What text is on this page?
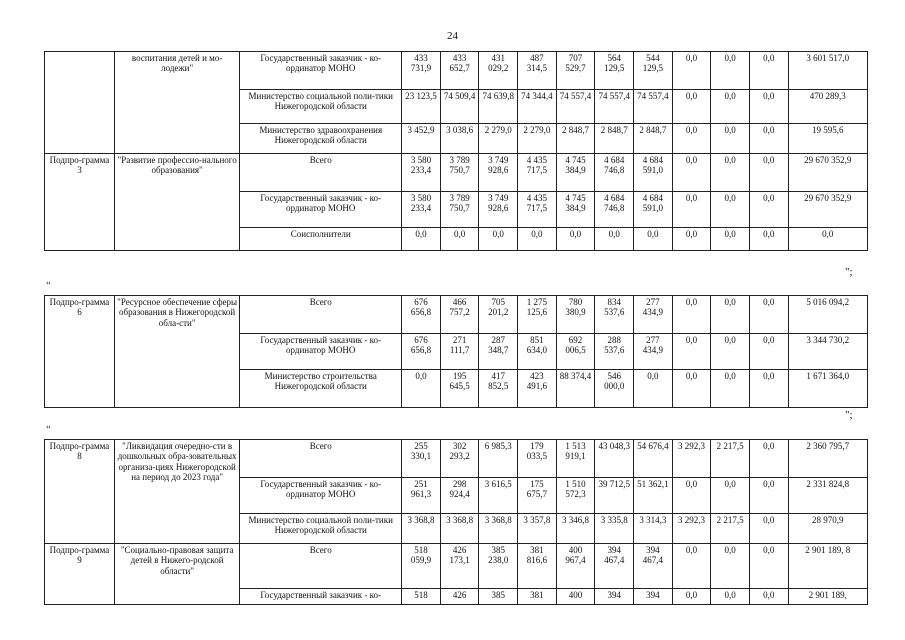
24
	воспитания детей и мо-лодежи"	Государственный заказчик - ко-ординатор МОНО	433 731,9	433 652,7	431 029,2	487 314,5	707 529,7	564 129,5	544 129,5	0,0	0,0	0,0	3 601 517,0
		Министерство социальной поли-тики Нижегородской области	23 123,5	74 509,4	74 639,8	74 344,4	74 557,4	74 557,4	74 557,4	0,0	0,0	0,0	470 289,3
		Министерство здравоохранения Нижегородской области	3 452,9	3 038,6	2 279,0	2 279,0	2 848,7	2 848,7	2 848,7	0,0	0,0	0,0	19 595,6
Подпро-грамма 3	"Развитие профессио-нального образования"	Всего	3 580 233,4	3 789 750,7	3 749 928,6	4 435 717,5	4 745 384,9	4 684 746,8	4 684 591,0	0,0	0,0	0,0	29 670 352,9
		Государственный заказчик - ко-ординатор МОНО	3 580 233,4	3 789 750,7	3 749 928,6	4 435 717,5	4 745 384,9	4 684 746,8	4 684 591,0	0,0	0,0	0,0	29 670 352,9
		Соисполнители	0,0	0,0	0,0	0,0	0,0	0,0	0,0	0,0	0,0	0,0	0,0
";
"
Подпро-грамма 6	"Ресурсное обеспечение сферы образования в Нижегородской обла-сти"	Всего	676 656,8	466 757,2	705 201,2	1 275 125,6	780 380,9	834 537,6	277 434,9	0,0	0,0	0,0	5 016 094,2
		Государственный заказчик - ко-ординатор МОНО	676 656,8	271 111,7	287 348,7	851 634,0	692 006,5	288 537,6	277 434,9	0,0	0,0	0,0	3 344 730,2
		Министерство строительства Нижегородской области	0,0	195 645,5	417 852,5	423 491,6	88 374,4	546 000,0	0,0	0,0	0,0	0,0	1 671 364,0
";
"
Подпро-грамма 8	"Ликвидация очередно-сти в дошкольных обра-зовательных организа-циях Нижегородской на период до 2023 года"	Всего	255 330,1	302 293,2	6 985,3	179 033,5	1 513 919,1	43 048,3	54 676,4	3 292,3	2 217,5	0,0	2 360 795,7
		Государственный заказчик - ко-ординатор МОНО	251 961,3	298 924,4	3 616,5	175 675,7	1 510 572,3	39 712,5	51 362,1	0,0	0,0	0,0	2 331 824,8
		Министерство социальной поли-тики Нижегородской области	3 368,8	3 368,8	3 368,8	3 357,8	3 346,8	3 335,8	3 314,3	3 292,3	2 217,5	0,0	28 970,9
Подпро-грамма 9	"Социально-правовая защита детей в Нижего-родской области"	Всего	518 059,9	426 173,1	385 238,0	381 816,6	400 967,4	394 467,4	394 467,4	0,0	0,0	0,0	2 901 189, 8
		Государственный заказчик - ко-	518	426	385	381	400	394	394	0,0	0,0	0,0	2 901 189,
